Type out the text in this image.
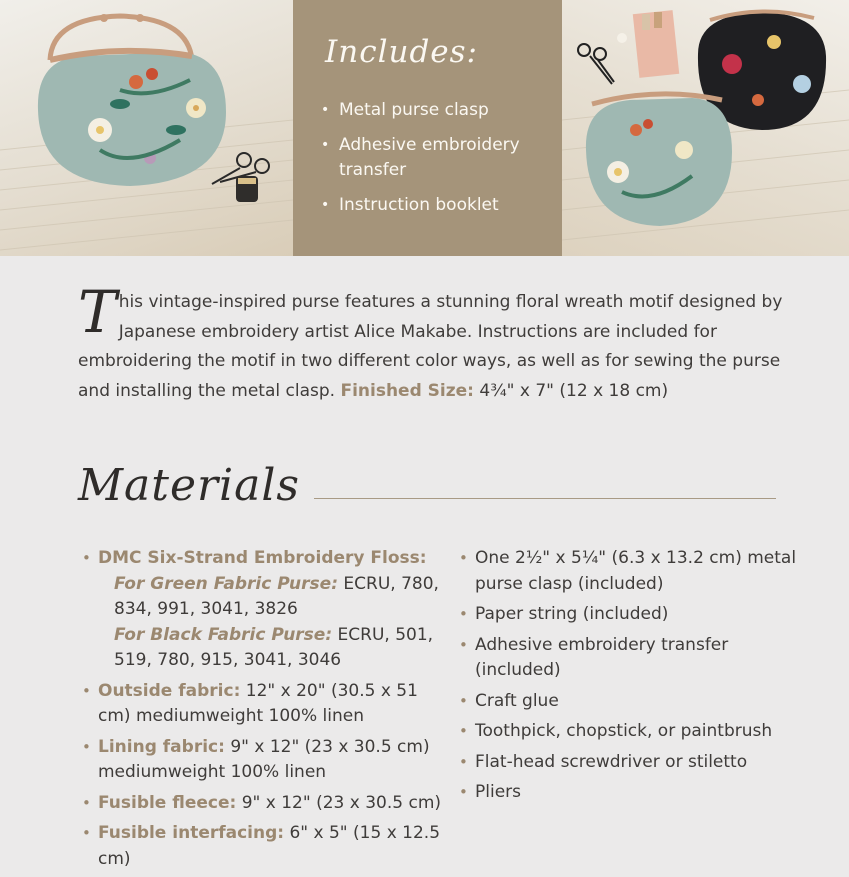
Includes:
• Metal purse clasp
• Adhesive embroidery transfer
• Instruction booklet

This vintage-inspired purse features a stunning floral wreath motif designed by Japanese embroidery artist Alice Makabe. Instructions are included for embroidering the motif in two different color ways, as well as for sewing the purse and installing the metal clasp. Finished Size: 4¾" x 7" (12 x 18 cm)

Materials
• DMC Six-Strand Embroidery Floss:
For Green Fabric Purse: ECRU, 780, 834, 991, 3041, 3826
For Black Fabric Purse: ECRU, 501, 519, 780, 915, 3041, 3046
• Outside fabric: 12" x 20" (30.5 x 51 cm) mediumweight 100% linen
• Lining fabric: 9" x 12" (23 x 30.5 cm) mediumweight 100% linen
• Fusible fleece: 9" x 12" (23 x 30.5 cm)
• Fusible interfacing: 6" x 5" (15 x 12.5 cm)
• One 2½" x 5¼" (6.3 x 13.2 cm) metal purse clasp (included)
• Paper string (included)
• Adhesive embroidery transfer (included)
• Craft glue
• Toothpick, chopstick, or paintbrush
• Flat-head screwdriver or stiletto
• Pliers
